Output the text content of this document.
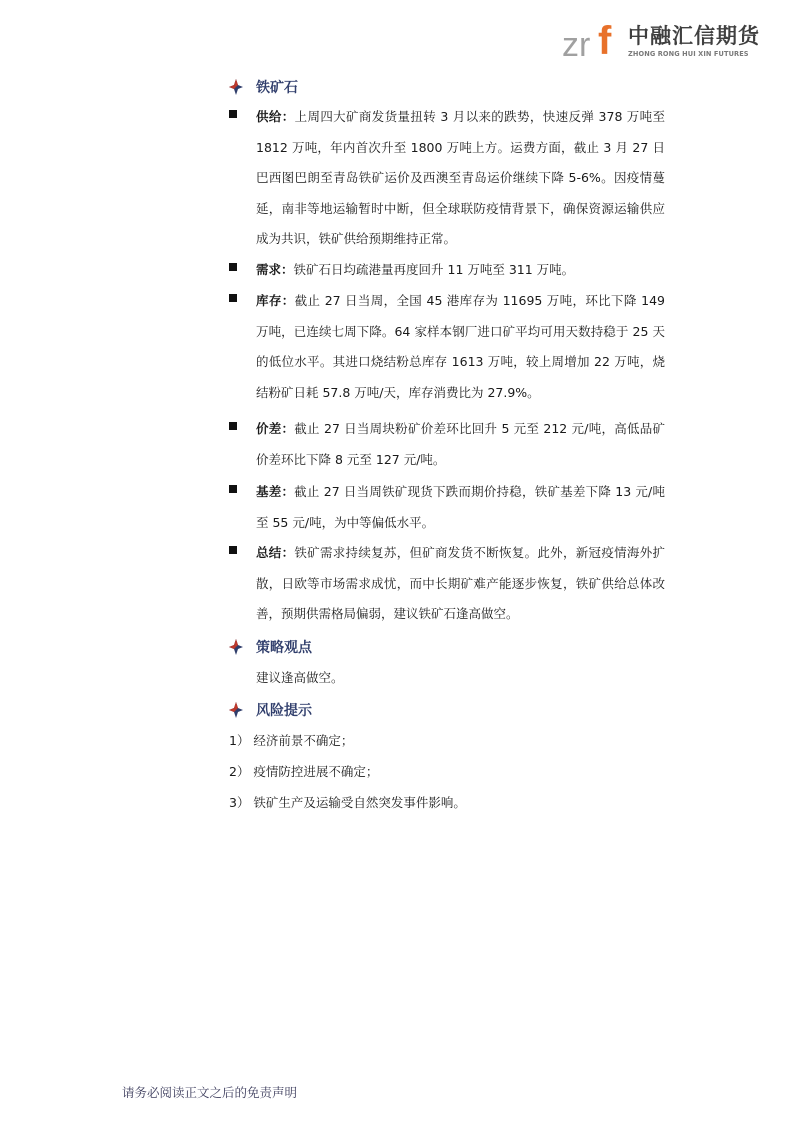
zr f 中融汇信期货
ZHONG RONG HUI XIN FUTURES
铁矿石
供给：上周四大矿商发货量扭转 3 月以来的跌势，快速反弹 378 万吨至 1812 万吨，年内首次升至 1800 万吨上方。运费方面，截止 3 月 27 日巴西图巴朗至青岛铁矿运价及西澳至青岛运价继续下降 5-6%。因疫情蔓延，南非等地运输暂时中断，但全球联防疫情背景下，确保资源运输供应成为共识，铁矿供给预期维持正常。
需求：铁矿石日均疏港量再度回升 11 万吨至 311 万吨。
库存：截止 27 日当周，全国 45 港库存为 11695 万吨，环比下降 149 万吨，已连续七周下降。64 家样本钢厂进口矿平均可用天数持稳于 25 天的低位水平。其进口烧结粉总库存 1613 万吨，较上周增加 22 万吨，烧结粉矿日耗 57.8 万吨/天，库存消费比为 27.9%。
价差：截止 27 日当周块粉矿价差环比回升 5 元至 212 元/吨，高低品矿价差环比下降 8 元至 127 元/吨。
基差：截止 27 日当周铁矿现货下跌而期价持稳，铁矿基差下降 13 元/吨至 55 元/吨，为中等偏低水平。
总结：铁矿需求持续复苏，但矿商发货不断恢复。此外，新冠疫情海外扩散，日欧等市场需求成忧，而中长期矿难产能逐步恢复，铁矿供给总体改善，预期供需格局偏弱，建议铁矿石逢高做空。
策略观点
建议逢高做空。
风险提示
1） 经济前景不确定；
2） 疫情防控进展不确定；
3） 铁矿生产及运输受自然突发事件影响。
请务必阅读正文之后的免责声明
